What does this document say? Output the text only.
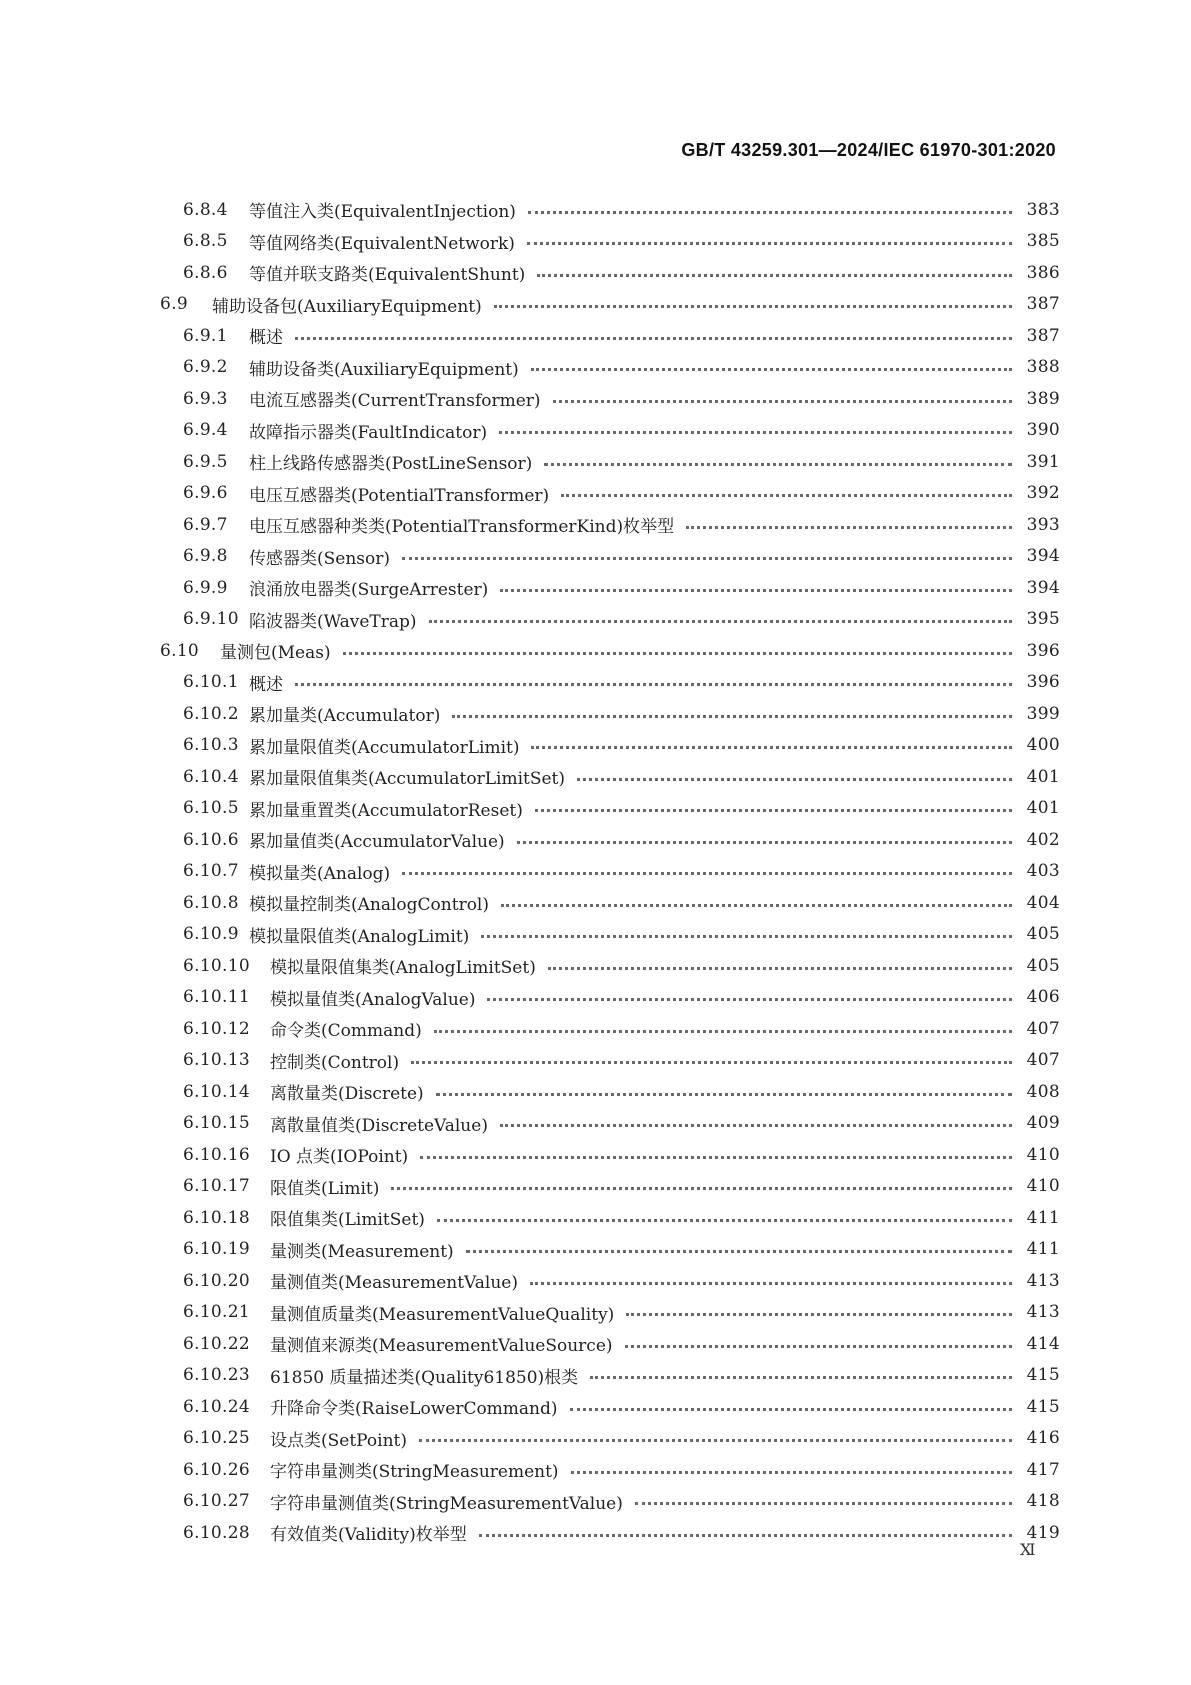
GB/T 43259.301—2024/IEC 61970-301:2020
6.8.4	等值注入类(EquivalentInjection)	383
6.8.5	等值网络类(EquivalentNetwork)	385
6.8.6	等值并联支路类(EquivalentShunt)	386
6.9	辅助设备包(AuxiliaryEquipment)	387
6.9.1	概述	387
6.9.2	辅助设备类(AuxiliaryEquipment)	388
6.9.3	电流互感器类(CurrentTransformer)	389
6.9.4	故障指示器类(FaultIndicator)	390
6.9.5	柱上线路传感器类(PostLineSensor)	391
6.9.6	电压互感器类(PotentialTransformer)	392
6.9.7	电压互感器种类类(PotentialTransformerKind)枚举型	393
6.9.8	传感器类(Sensor)	394
6.9.9	浪涌放电器类(SurgeArrester)	394
6.9.10 陷波器类(WaveTrap)	395
6.10	量测包(Meas)	396
6.10.1 概述	396
6.10.2 累加量类(Accumulator)	399
6.10.3 累加量限值类(AccumulatorLimit)	400
6.10.4 累加量限值集类(AccumulatorLimitSet)	401
6.10.5 累加量重置类(AccumulatorReset)	401
6.10.6 累加量值类(AccumulatorValue)	402
6.10.7 模拟量类(Analog)	403
6.10.8 模拟量控制类(AnalogControl)	404
6.10.9 模拟量限值类(AnalogLimit)	405
6.10.10	模拟量限值集类(AnalogLimitSet)	405
6.10.11	模拟量值类(AnalogValue)	406
6.10.12	命令类(Command)	407
6.10.13	控制类(Control)	407
6.10.14	离散量类(Discrete)	408
6.10.15	离散量值类(DiscreteValue)	409
6.10.16	IO 点类(IOPoint)	410
6.10.17	限值类(Limit)	410
6.10.18	限值集类(LimitSet)	411
6.10.19	量测类(Measurement)	411
6.10.20	量测值类(MeasurementValue)	413
6.10.21	量测值质量类(MeasurementValueQuality)	413
6.10.22	量测值来源类(MeasurementValueSource)	414
6.10.23	61850 质量描述类(Quality61850)根类	415
6.10.24	升降命令类(RaiseLowerCommand)	415
6.10.25	设点类(SetPoint)	416
6.10.26	字符串量测类(StringMeasurement)	417
6.10.27	字符串量测值类(StringMeasurementValue)	418
6.10.28	有效值类(Validity)枚举型	419
Ⅺ
